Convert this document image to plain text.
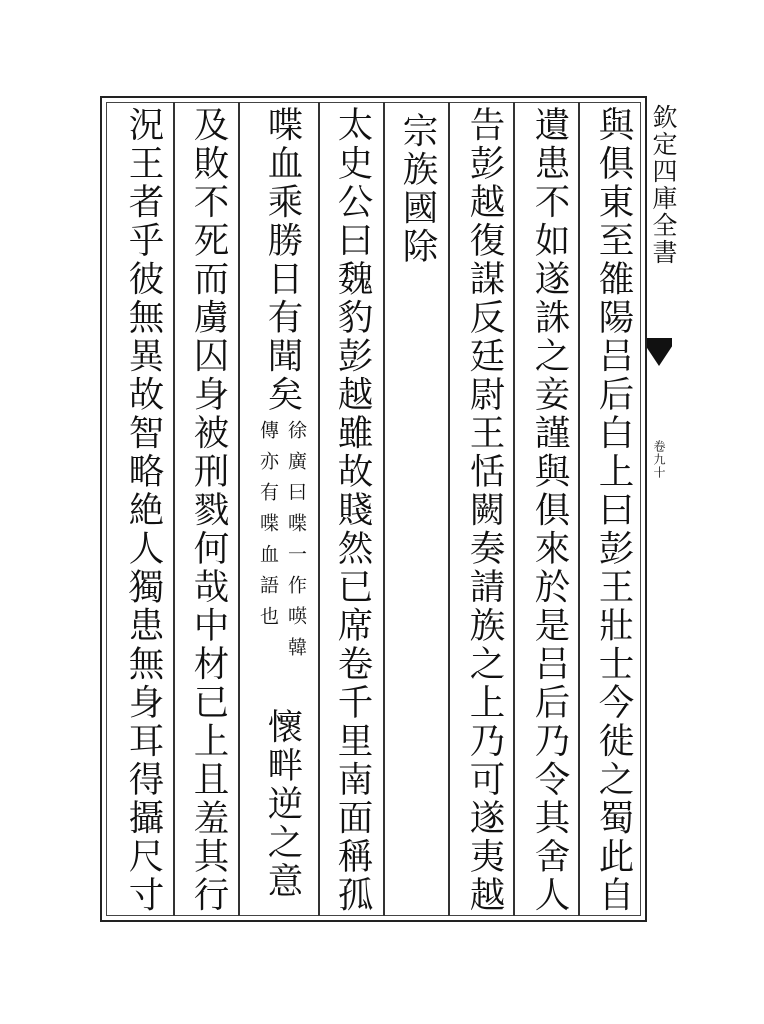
欽定四庫全書
卷九十
與俱東至雒陽吕后白上曰彭王壯士今徙之蜀此自
遺患不如遂誅之妾謹與俱來於是吕后乃令其舍人
告彭越復謀反廷尉王恬闕奏請族之上乃可遂夷越
宗族國除
太史公曰魏豹彭越雖故賤然已席卷千里南面稱孤
喋血乘勝日有聞矣
徐廣曰喋一作𠸄韓
傳亦有喋血語也
懷畔逆之意
及敗不死而虜囚身被刑戮何哉中材已上且羞其行
況王者乎彼無異故智略絶人獨患無身耳得攝尺寸
